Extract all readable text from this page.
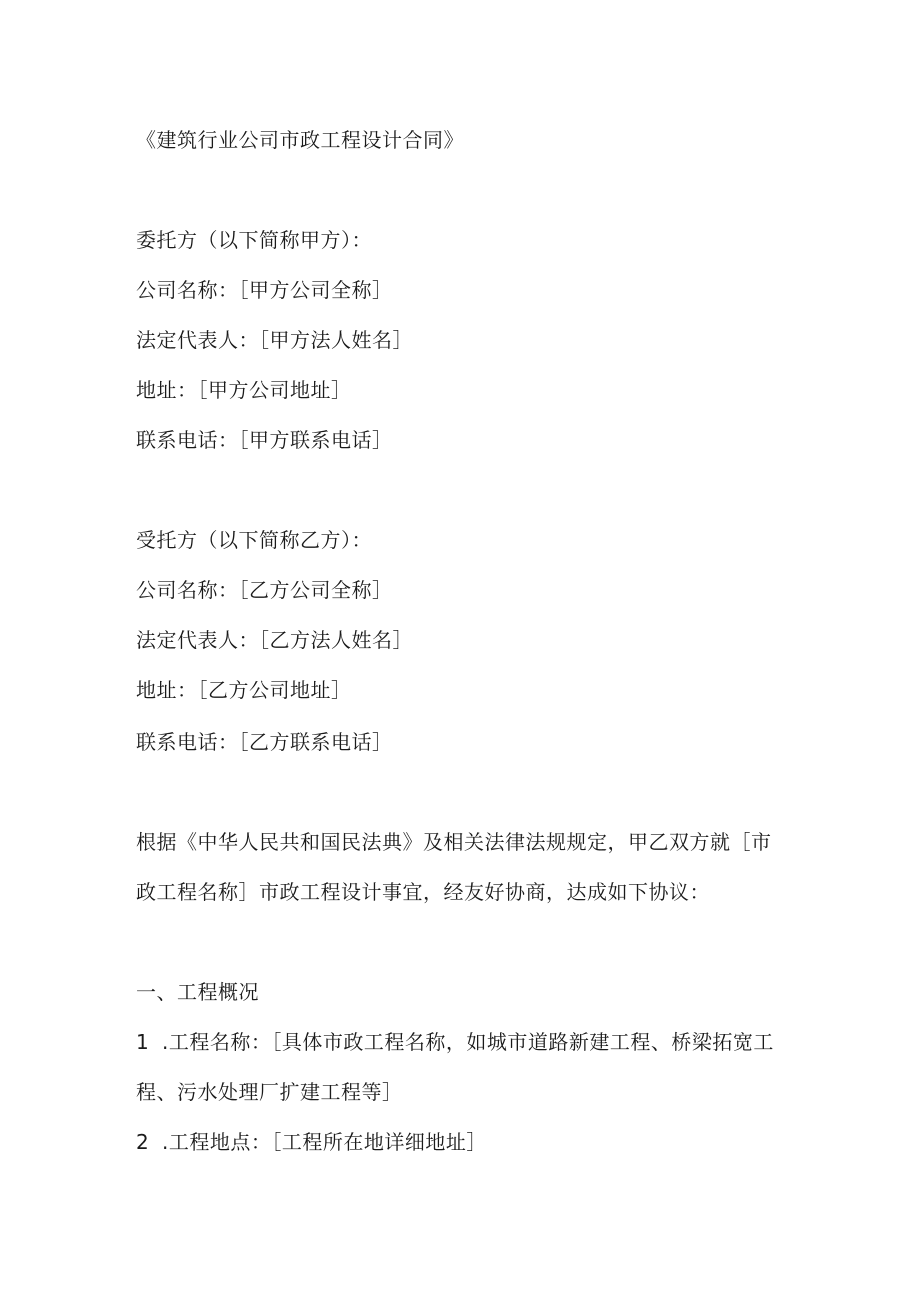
《建筑行业公司市政工程设计合同》
委托方（以下简称甲方）：
公司名称：［甲方公司全称］
法定代表人：［甲方法人姓名］
地址：［甲方公司地址］
联系电话：［甲方联系电话］
受托方（以下简称乙方）：
公司名称：［乙方公司全称］
法定代表人：［乙方法人姓名］
地址：［乙方公司地址］
联系电话：［乙方联系电话］
根据《中华人民共和国民法典》及相关法律法规规定，甲乙双方就［市
政工程名称］市政工程设计事宜，经友好协商，达成如下协议：
一、工程概况
1 .工程名称：［具体市政工程名称，如城市道路新建工程、桥梁拓宽工
程、污水处理厂扩建工程等］
2 .工程地点：［工程所在地详细地址］
